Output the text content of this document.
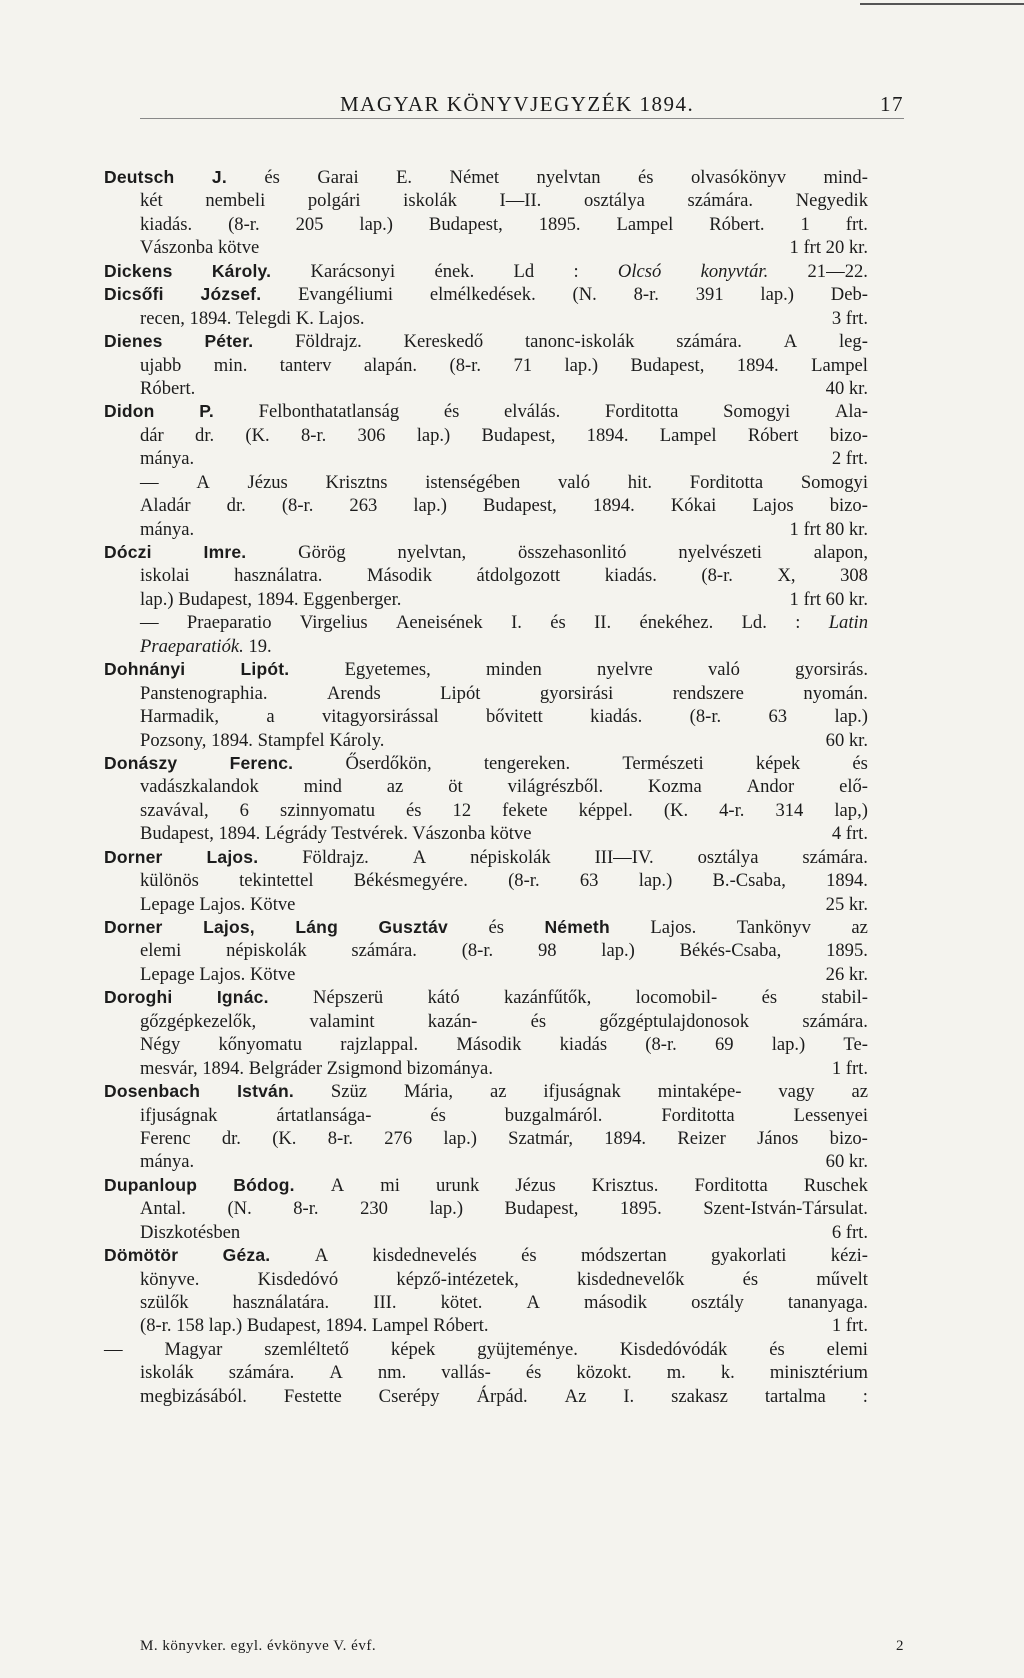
MAGYAR KÖNYVJEGYZÉK 1894.	17
Deutsch J. és Garai E. Német nyelvtan és olvasókönyv mind-
két nembeli polgári iskolák I—II. osztálya számára. Negyedik
kiadás. (8-r. 205 lap.) Budapest, 1895. Lampel Róbert. 1 frt.
Vászonba kötve	1 frt 20 kr.
Dickens Károly. Karácsonyi ének. Ld : Olcsó konyvtár. 21—22.
Dicsőfi József. Evangéliumi elmélkedések. (N. 8-r. 391 lap.) Deb-
recen, 1894. Telegdi K. Lajos.	3 frt.
Dienes Péter. Földrajz. Kereskedő tanonc-iskolák számára. A leg-
ujabb min. tanterv alapán. (8-r. 71 lap.) Budapest, 1894. Lampel
Róbert.	40 kr.
Didon	P. Felbonthatatlanság és elválás. Forditotta Somogyi Ala-
dár dr. (K. 8-r. 306 lap.) Budapest, 1894. Lampel Róbert bizo-
mánya.	2 frt.
— A Jézus Krisztns istenségében való hit. Forditotta Somogyi
Aladár dr. (8-r. 263 lap.) Budapest, 1894. Kókai Lajos bizo-
mánya.	1 frt 80 kr.
Dóczi	Imre.	Görög	nyelvtan,	összehasonlitó	nyelvészeti	alapon,
iskolai használatra. Második átdolgozott kiadás. (8-r. X, 308
lap.) Budapest, 1894. Eggenberger.	1 frt 60 kr.
— Praeparatio Virgelius Aeneisének I. és II. énekéhez. Ld. : Latin
Praeparatiók. 19.
Dohnányi	Lipót.	Egyetemes,	minden	nyelvre	való	gyorsirás.
Panstenographia.	Arends	Lipót	gyorsirási	rendszere	nyomán.
Harmadik,	a	vitagyorsirással	bővitett	kiadás.	(8-r.	63	lap.)
Pozsony, 1894. Stampfel Károly.	60 kr.
Donászy	Ferenc.	Őserdőkön,	tengereken.	Természeti	képek	és
vadászkalandok mind az öt világrészből. Kozma Andor elő-
szavával, 6 szinnyomatu és 12 fekete képpel. (K. 4-r. 314 lap,)
Budapest, 1894. Légrády Testvérek. Vászonba kötve	4 frt.
Dorner	Lajos. Földrajz. A népiskolák III—IV. osztálya számára.
különös tekintettel Békésmegyére. (8-r. 63 lap.) B.-Csaba, 1894.
Lepage Lajos. Kötve	25 kr.
Dorner Lajos, Láng Gusztáv és Németh Lajos. Tankönyv az
elemi népiskolák számára. (8-r. 98 lap.) Békés-Csaba, 1895.
Lepage Lajos. Kötve	26 kr.
Doroghi	Ignác. Népszerü kátó kazánfűtők, locomobil- és stabil-
gőzgépkezelők,	valamint	kazán-	és	gőzgéptulajdonosok	számára.
Négy kőnyomatu rajzlappal. Második kiadás (8-r. 69 lap.) Te-
mesvár, 1894. Belgráder Zsigmond bizománya.	1 frt.
Dosenbach István. Szüz Mária, az ifjuságnak mintaképe- vagy az
ifjuságnak	ártatlansága-	és	buzgalmáról.	Forditotta	Lessenyei
Ferenc dr. (K. 8-r. 276 lap.) Szatmár, 1894. Reizer János bizo-
mánya.	60 kr.
Dupanloup Bódog. A mi urunk Jézus Krisztus. Forditotta Ruschek
Antal. (N. 8-r. 230 lap.) Budapest, 1895. Szent-István-Társulat.
Diszkotésben	6 frt.
Dömötör	Géza. A kisdednevelés és módszertan gyakorlati kézi-
könyve.	Kisdedóvó	képző-intézetek,	kisdednevelők	és	művelt
szülők használatára. III. kötet. A második osztály tananyaga.
(8-r. 158 lap.) Budapest, 1894. Lampel Róbert.	1 frt.
— Magyar szemléltető képek gyüjteménye. Kisdedóvódák és elemi
iskolák számára. A nm. vallás- és közokt. m. k. minisztérium
megbizásából. Festette Cserépy Árpád. Az I. szakasz tartalma :
M. könyvker. egyl. évkönyve V. évf.	2
